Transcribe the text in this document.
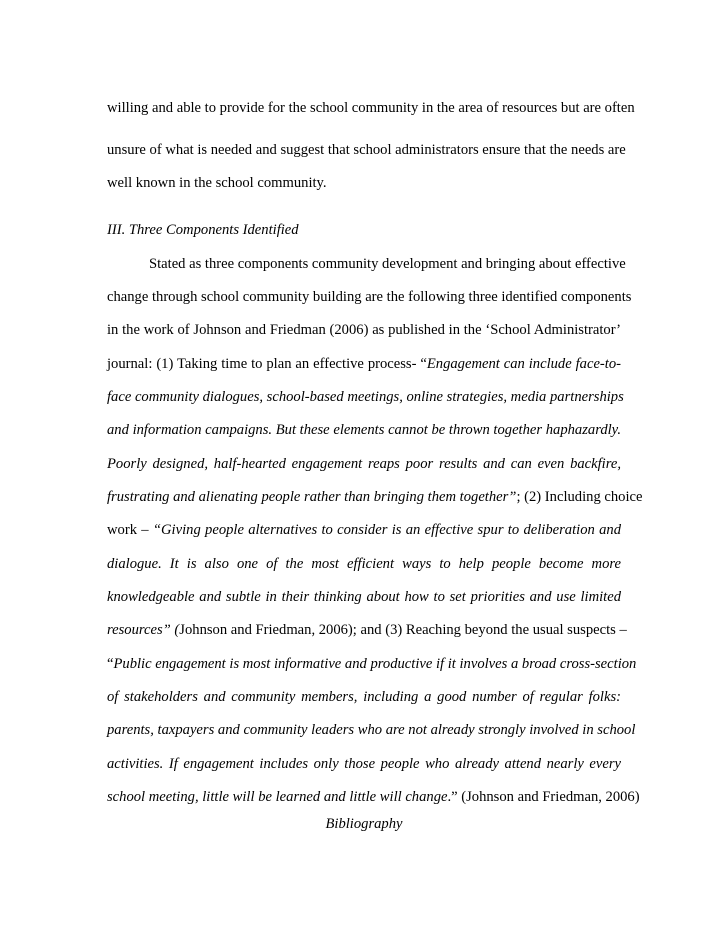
willing and able to provide for the school community in the area of resources but are often
unsure of what is needed and suggest that school administrators ensure that the needs are
well known in the school community.
III. Three Components Identified
Stated as three components community development and bringing about effective
change through school community building are the following three identified components
in the work of Johnson and Friedman (2006) as published in the ‘School Administrator’
journal: (1) Taking time to plan an effective process- “Engagement can include face-to-
face community dialogues, school-based meetings, online strategies, media partnerships
and information campaigns. But these elements cannot be thrown together haphazardly.
Poorly designed, half-hearted engagement reaps poor results and can even backfire,
frustrating and alienating people rather than bringing them together”; (2) Including choice
work – “Giving people alternatives to consider is an effective spur to deliberation and
dialogue. It is also one of the most efficient ways to help people become more
knowledgeable and subtle in their thinking about how to set priorities and use limited
resources” (Johnson and Friedman, 2006); and (3) Reaching beyond the usual suspects –
“Public engagement is most informative and productive if it involves a broad cross-section
of stakeholders and community members, including a good number of regular folks:
parents, taxpayers and community leaders who are not already strongly involved in school
activities. If engagement includes only those people who already attend nearly every
school meeting, little will be learned and little will change.” (Johnson and Friedman, 2006)
Bibliography
